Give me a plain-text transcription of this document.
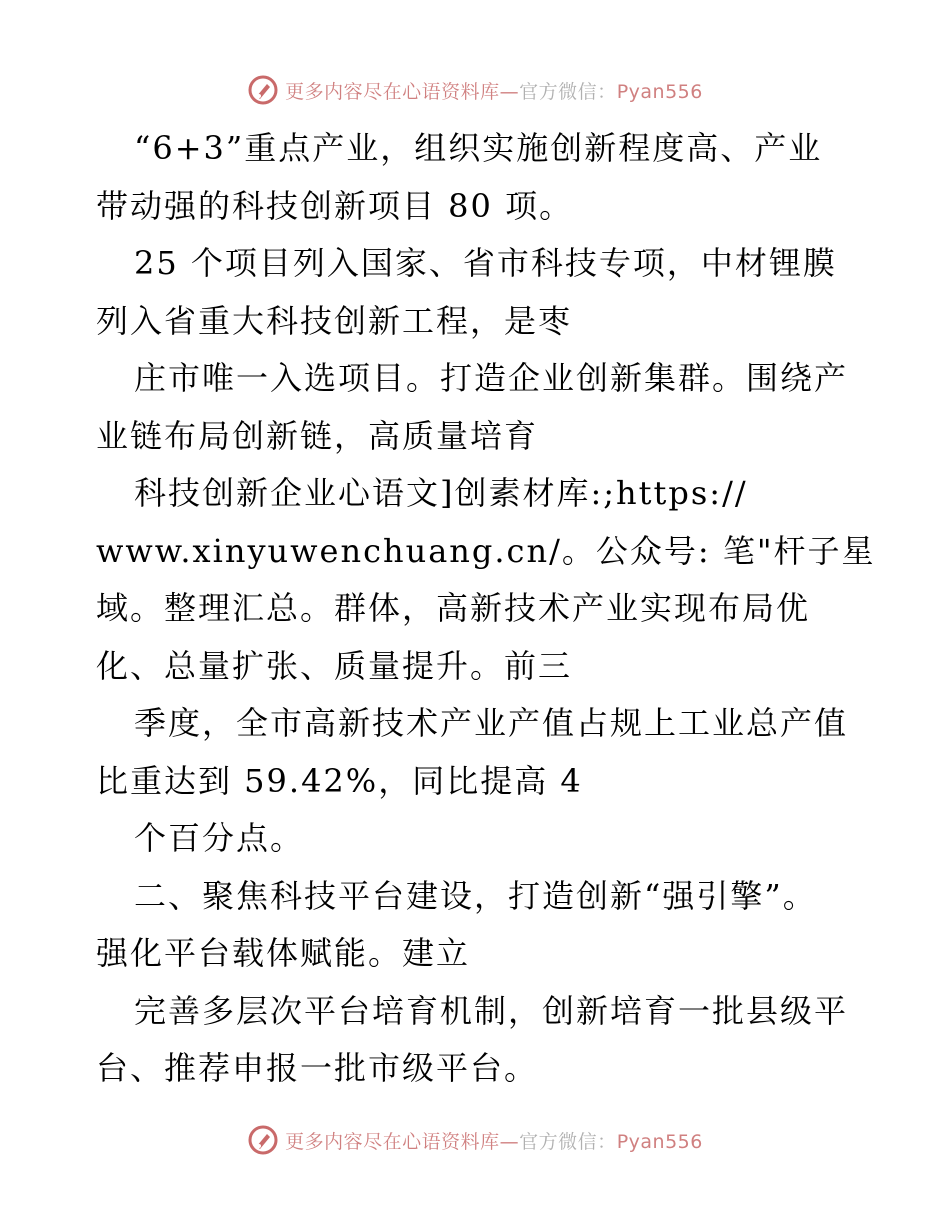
更多内容尽在心语资料库—官方微信：Pyan556
“6+3”重点产业，组织实施创新程度高、产业
带动强的科技创新项目 80 项。
25 个项目列入国家、省市科技专项，中材锂膜
列入省重大科技创新工程，是枣
庄市唯一入选项目。打造企业创新集群。围绕产
业链布局创新链，高质量培育
科技创新企业心语文]创素材库:;https://
www.xinyuwenchuang.cn/。公众号: 笔"杆子星
域。整理汇总。群体，高新技术产业实现布局优
化、总量扩张、质量提升。前三
季度，全市高新技术产业产值占规上工业总产值
比重达到 59.42%，同比提高 4
个百分点。
二、聚焦科技平台建设，打造创新“强引擎”。
强化平台载体赋能。建立
完善多层次平台培育机制，创新培育一批县级平
台、推荐申报一批市级平台。
更多内容尽在心语资料库—官方微信：Pyan556
